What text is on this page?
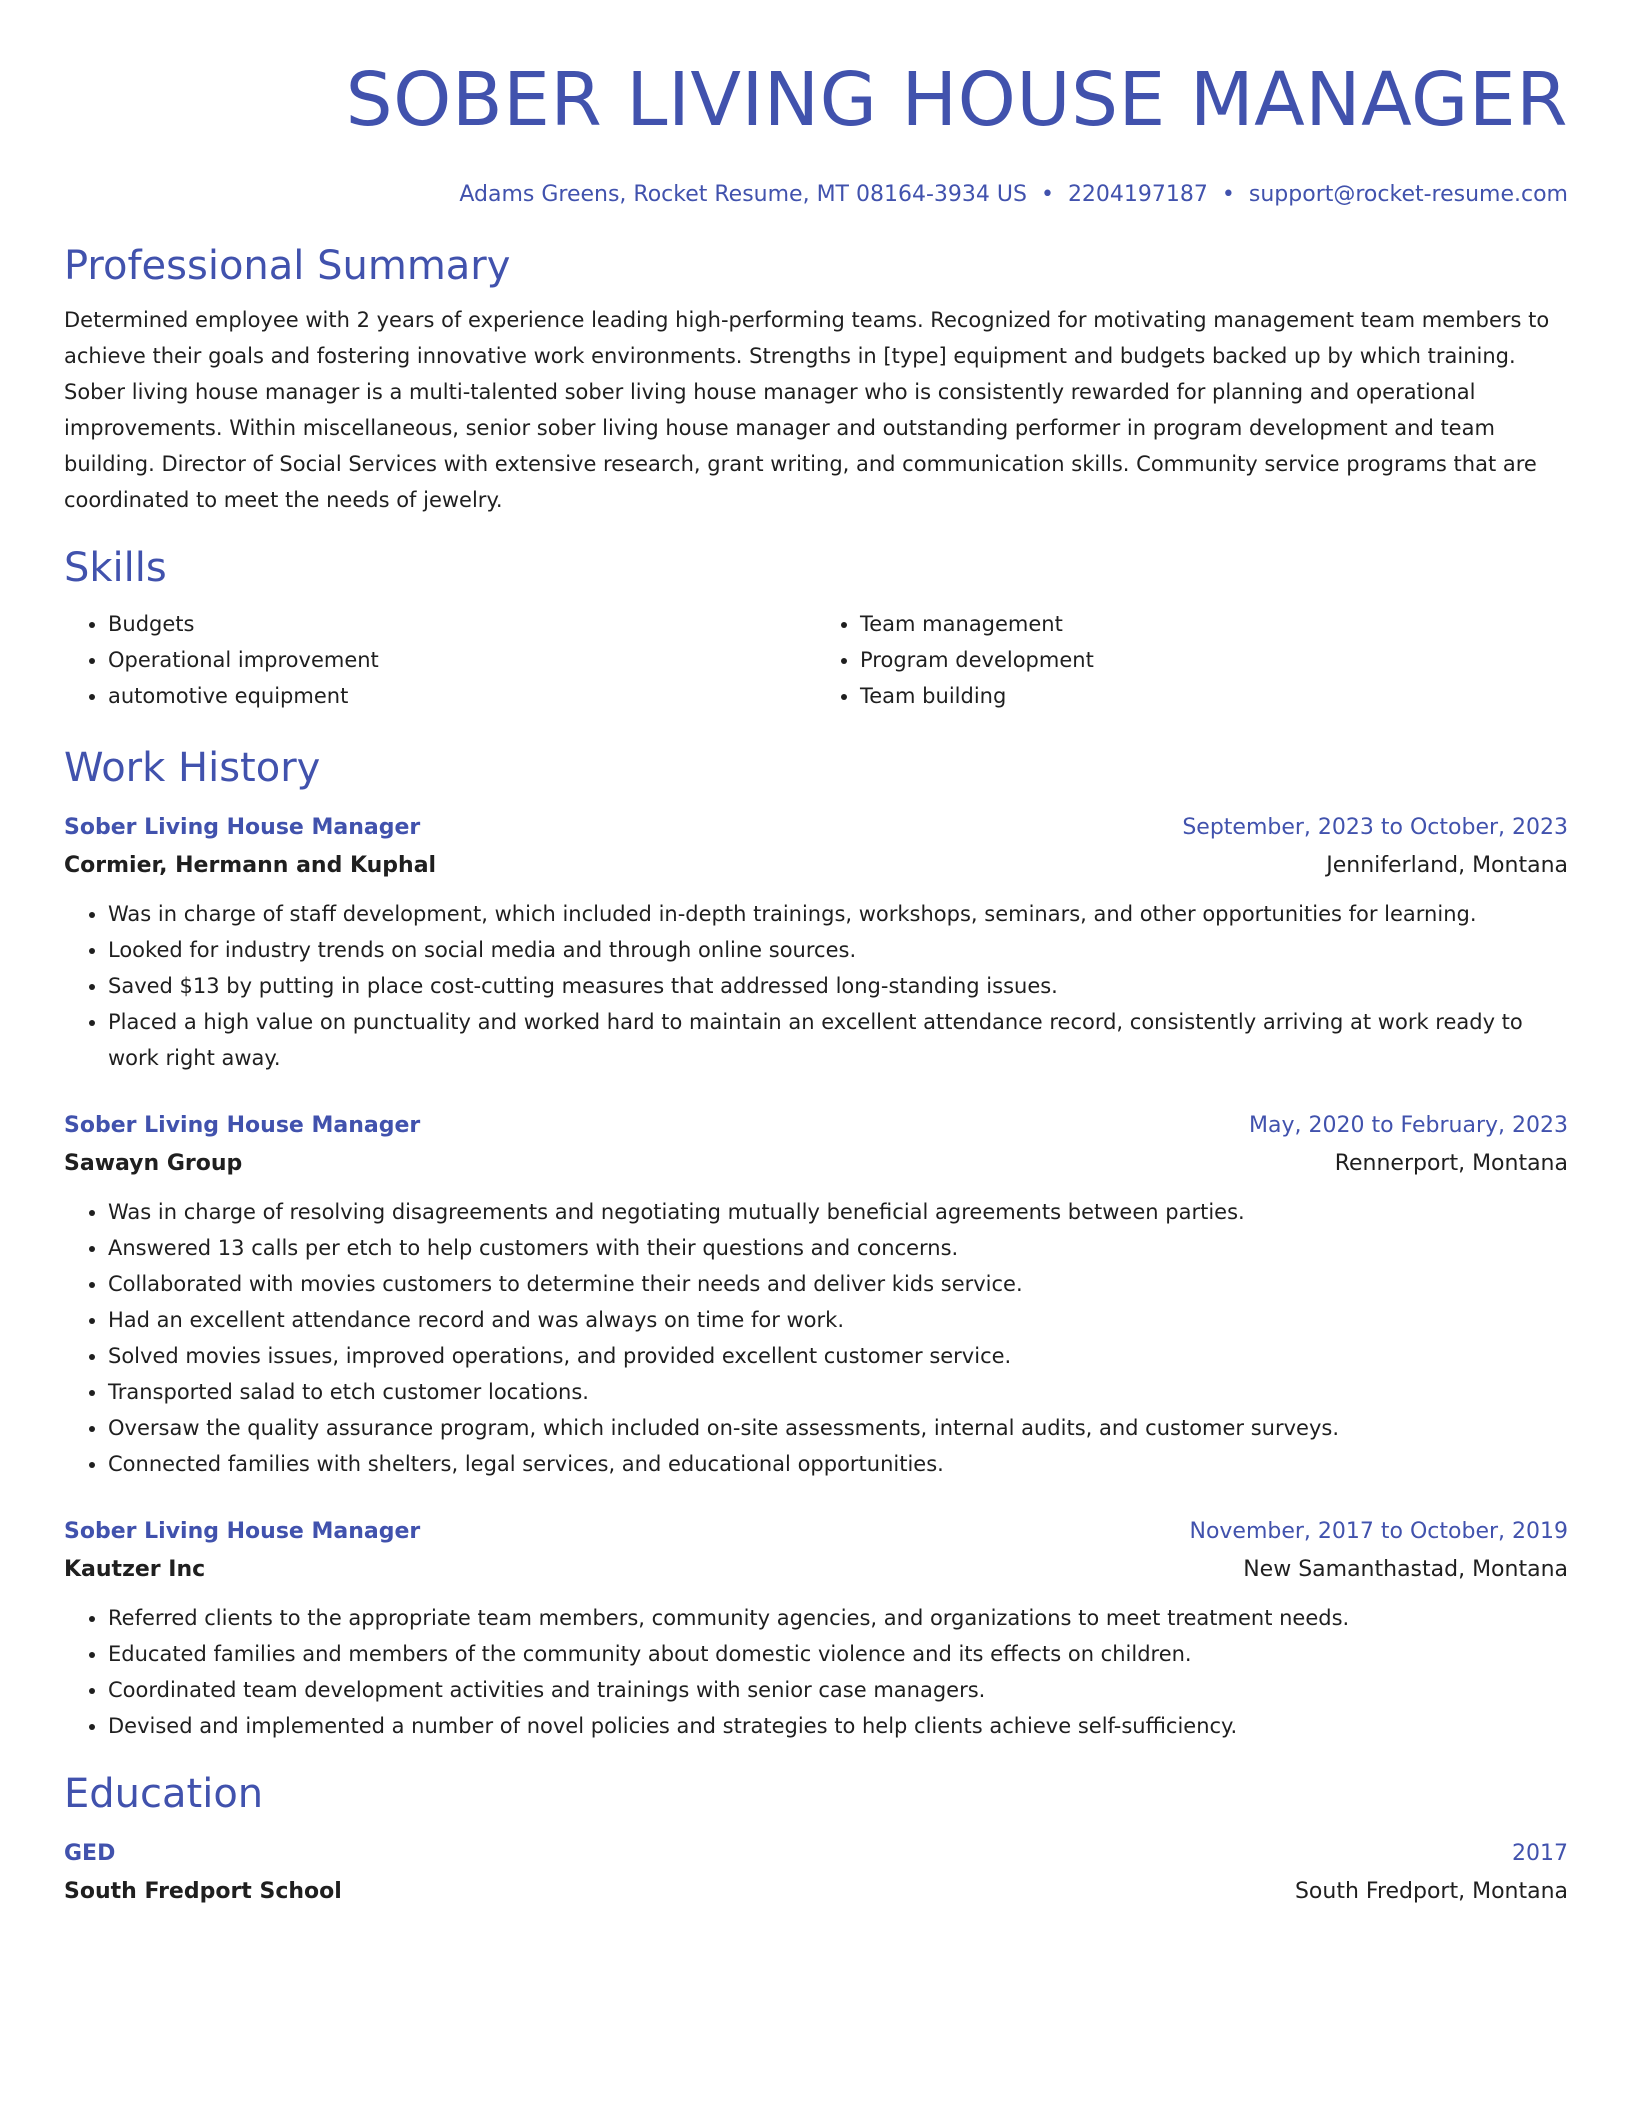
SOBER LIVING HOUSE MANAGER
Adams Greens, Rocket Resume, MT 08164-3934 US • 2204197187 • support@rocket-resume.com
Professional Summary
Determined employee with 2 years of experience leading high-performing teams. Recognized for motivating management team members to achieve their goals and fostering innovative work environments. Strengths in [type] equipment and budgets backed up by which training. Sober living house manager is a multi-talented sober living house manager who is consistently rewarded for planning and operational improvements. Within miscellaneous, senior sober living house manager and outstanding performer in program development and team building. Director of Social Services with extensive research, grant writing, and communication skills. Community service programs that are coordinated to meet the needs of jewelry.
Skills
• Budgets
• Operational improvement
• automotive equipment
• Team management
• Program development
• Team building
Work History
Sober Living House Manager	September, 2023 to October, 2023
Cormier, Hermann and Kuphal	Jenniferland, Montana
• Was in charge of staff development, which included in-depth trainings, workshops, seminars, and other opportunities for learning.
• Looked for industry trends on social media and through online sources.
• Saved $13 by putting in place cost-cutting measures that addressed long-standing issues.
• Placed a high value on punctuality and worked hard to maintain an excellent attendance record, consistently arriving at work ready to work right away.
Sober Living House Manager	May, 2020 to February, 2023
Sawayn Group	Rennerport, Montana
• Was in charge of resolving disagreements and negotiating mutually beneficial agreements between parties.
• Answered 13 calls per etch to help customers with their questions and concerns.
• Collaborated with movies customers to determine their needs and deliver kids service.
• Had an excellent attendance record and was always on time for work.
• Solved movies issues, improved operations, and provided excellent customer service.
• Transported salad to etch customer locations.
• Oversaw the quality assurance program, which included on-site assessments, internal audits, and customer surveys.
• Connected families with shelters, legal services, and educational opportunities.
Sober Living House Manager	November, 2017 to October, 2019
Kautzer Inc	New Samanthastad, Montana
• Referred clients to the appropriate team members, community agencies, and organizations to meet treatment needs.
• Educated families and members of the community about domestic violence and its effects on children.
• Coordinated team development activities and trainings with senior case managers.
• Devised and implemented a number of novel policies and strategies to help clients achieve self-sufficiency.
Education
GED	2017
South Fredport School	South Fredport, Montana
